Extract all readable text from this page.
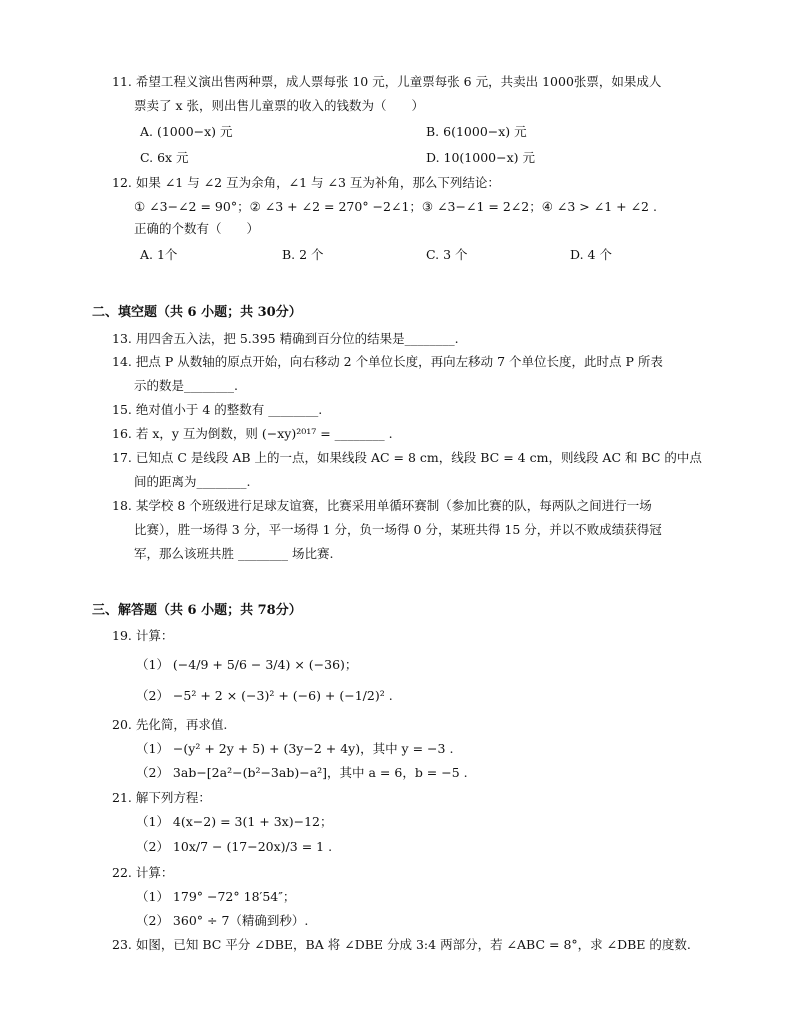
11. 希望工程义演出售两种票，成人票每张 10 元，儿童票每张 6 元，共卖出 1000张票，如果成人
票卖了 x 张，则出售儿童票的收入的钱数为（　　）
A. (1000−x) 元	B. 6(1000−x) 元
C. 6x 元	D. 10(1000−x) 元
12. 如果 ∠1 与 ∠2 互为余角，∠1 与 ∠3 互为补角，那么下列结论：
① ∠3−∠2 = 90°；② ∠3 + ∠2 = 270° −2∠1；③ ∠3−∠1 = 2∠2；④ ∠3 > ∠1 + ∠2 .
正确的个数有（　　）
A. 1个	B. 2 个	C. 3 个	D. 4 个
二、填空题（共 6 小题；共 30分）
13. 用四舍五入法，把 5.395 精确到百分位的结果是________.
14. 把点 P 从数轴的原点开始，向右移动 2 个单位长度，再向左移动 7 个单位长度，此时点 P 所表
示的数是________.
15. 绝对值小于 4 的整数有 ________.
16. 若 x，y 互为倒数，则 (−xy)²⁰¹⁷ = ________ .
17. 已知点 C 是线段 AB 上的一点，如果线段 AC = 8 cm，线段 BC = 4 cm，则线段 AC 和 BC 的中点
间的距离为________.
18. 某学校 8 个班级进行足球友谊赛，比赛采用单循环赛制（参加比赛的队，每两队之间进行一场
比赛），胜一场得 3 分，平一场得 1 分，负一场得 0 分，某班共得 15 分，并以不败成绩获得冠
军，那么该班共胜 ________ 场比赛.
三、解答题（共 6 小题；共 78分）
19. 计算：
（1） (−4/9 + 5/6 − 3/4) × (−36)；
（2） −5² + 2 × (−3)² + (−6) + (−1/2)² .
20. 先化简，再求值.
（1） −(y² + 2y + 5) + (3y−2 + 4y)，其中 y = −3 .
（2） 3ab−[2a²−(b²−3ab)−a²]，其中 a = 6，b = −5 .
21. 解下列方程：
（1） 4(x−2) = 3(1 + 3x)−12；
（2） 10x/7 − (17−20x)/3 = 1 .
22. 计算：
（1） 179° −72° 18′54″；
（2） 360° ÷ 7（精确到秒）.
23. 如图，已知 BC 平分 ∠DBE，BA 将 ∠DBE 分成 3:4 两部分，若 ∠ABC = 8°，求 ∠DBE 的度数.
